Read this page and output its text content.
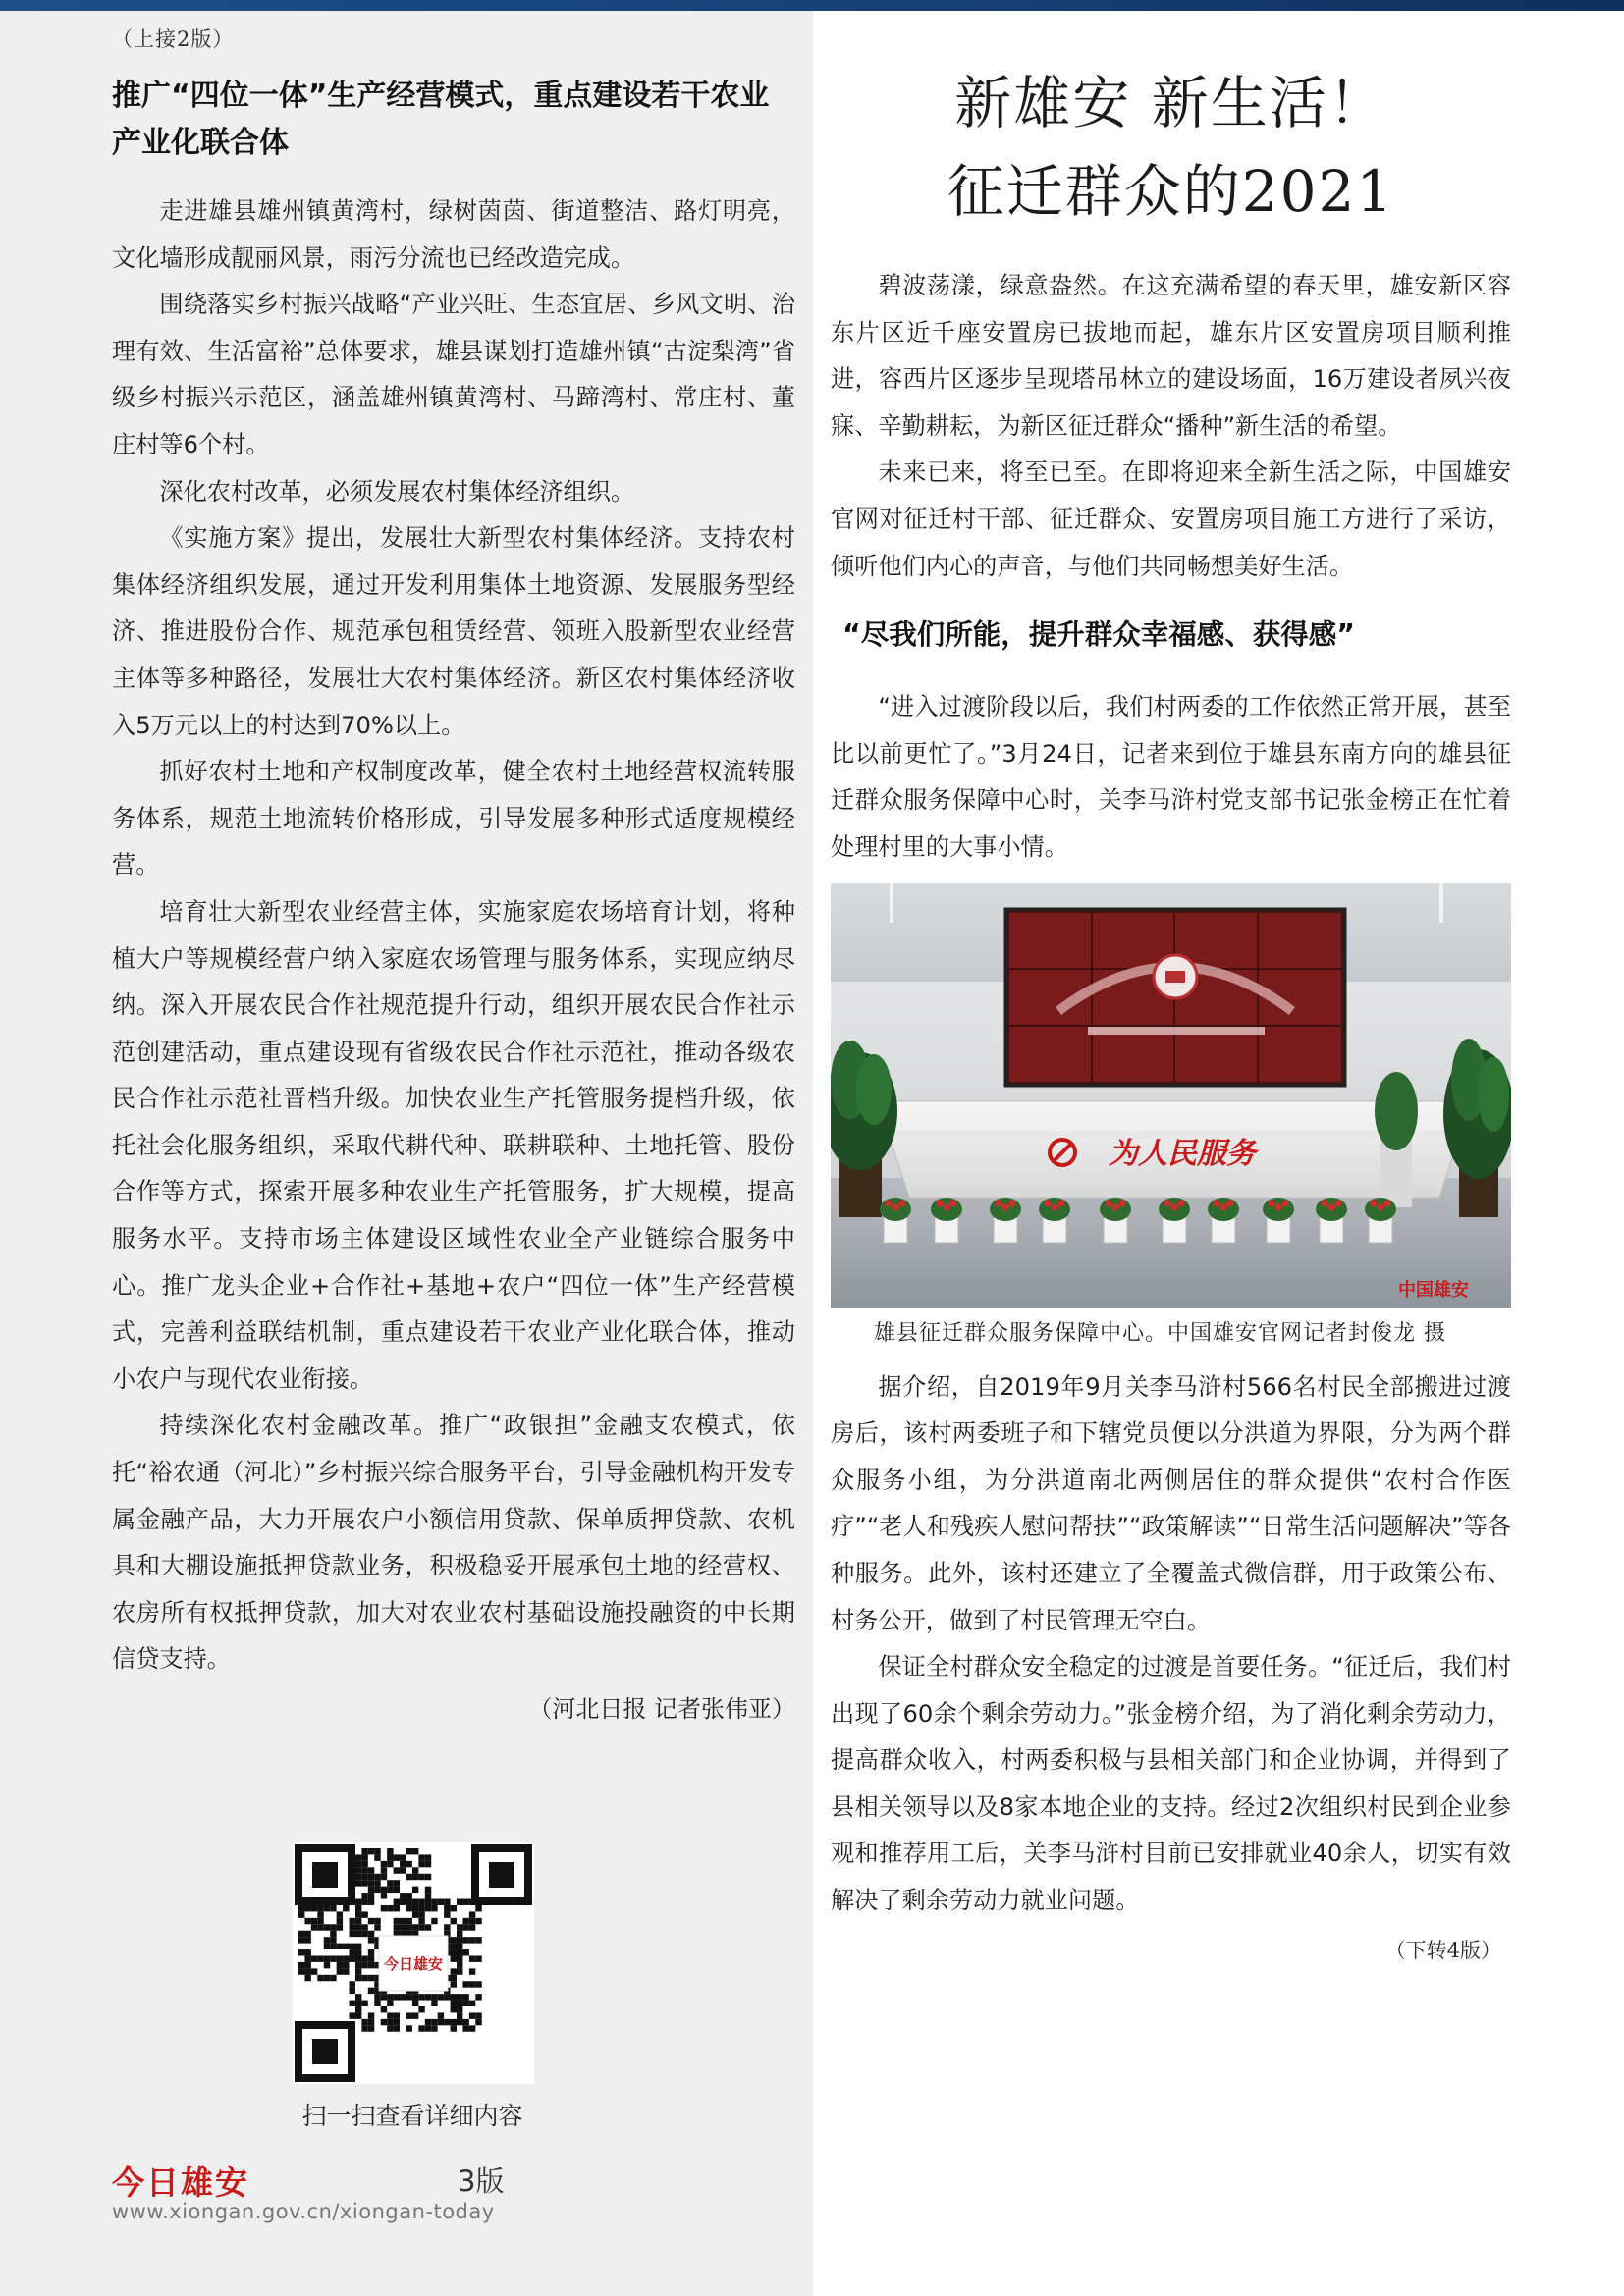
（上接2版）
推广“四位一体”生产经营模式，重点建设若干农业产业化联合体

走进雄县雄州镇黄湾村，绿树茵茵、街道整洁、路灯明亮，文化墙形成靓丽风景，雨污分流也已经改造完成。

围绕落实乡村振兴战略“产业兴旺、生态宜居、乡风文明、治理有效、生活富裕”总体要求，雄县谋划打造雄州镇“古淀梨湾”省级乡村振兴示范区，涵盖雄州镇黄湾村、马蹄湾村、常庄村、董庄村等6个村。

深化农村改革，必须发展农村集体经济组织。

《实施方案》提出，发展壮大新型农村集体经济。支持农村集体经济组织发展，通过开发利用集体土地资源、发展服务型经济、推进股份合作、规范承包租赁经营、领班入股新型农业经营主体等多种路径，发展壮大农村集体经济。新区农村集体经济收入5万元以上的村达到70%以上。

抓好农村土地和产权制度改革，健全农村土地经营权流转服务体系，规范土地流转价格形成，引导发展多种形式适度规模经营。

培育壮大新型农业经营主体，实施家庭农场培育计划，将种植大户等规模经营户纳入家庭农场管理与服务体系，实现应纳尽纳。深入开展农民合作社规范提升行动，组织开展农民合作社示范创建活动，重点建设现有省级农民合作社示范社，推动各级农民合作社示范社晋档升级。加快农业生产托管服务提档升级，依托社会化服务组织，采取代耕代种、联耕联种、土地托管、股份合作等方式，探索开展多种农业生产托管服务，扩大规模，提高服务水平。支持市场主体建设区域性农业全产业链综合服务中心。推广龙头企业+合作社+基地+农户“四位一体”生产经营模式，完善利益联结机制，重点建设若干农业产业化联合体，推动小农户与现代农业衔接。

持续深化农村金融改革。推广“政银担”金融支农模式，依托“裕农通（河北）”乡村振兴综合服务平台，引导金融机构开发专属金融产品，大力开展农户小额信用贷款、保单质押贷款、农机具和大棚设施抵押贷款业务，积极稳妥开展承包土地的经营权、农房所有权抵押贷款，加大对农业农村基础设施投融资的中长期信贷支持。

（河北日报 记者张伟亚）
今日雄安
扫一扫查看详细内容
今日雄安	3版
www.xiongan.gov.cn/xiongan-today
新雄安 新生活！
征迁群众的2021

碧波荡漾，绿意盎然。在这充满希望的春天里，雄安新区容东片区近千座安置房已拔地而起，雄东片区安置房项目顺利推进，容西片区逐步呈现塔吊林立的建设场面，16万建设者夙兴夜寐、辛勤耕耘，为新区征迁群众“播种”新生活的希望。

未来已来，将至已至。在即将迎来全新生活之际，中国雄安官网对征迁村干部、征迁群众、安置房项目施工方进行了采访，倾听他们内心的声音，与他们共同畅想美好生活。

“尽我们所能，提升群众幸福感、获得感”

“进入过渡阶段以后，我们村两委的工作依然正常开展，甚至比以前更忙了。”3月24日，记者来到位于雄县东南方向的雄县征迁群众服务保障中心时，关李马浒村党支部书记张金榜正在忙着处理村里的大事小情。

为人民服务
中国雄安
雄县征迁群众服务保障中心。中国雄安官网记者封俊龙 摄

据介绍，自2019年9月关李马浒村566名村民全部搬进过渡房后，该村两委班子和下辖党员便以分洪道为界限，分为两个群众服务小组，为分洪道南北两侧居住的群众提供“农村合作医疗”“老人和残疾人慰问帮扶”“政策解读”“日常生活问题解决”等各种服务。此外，该村还建立了全覆盖式微信群，用于政策公布、村务公开，做到了村民管理无空白。

保证全村群众安全稳定的过渡是首要任务。“征迁后，我们村出现了60余个剩余劳动力。”张金榜介绍，为了消化剩余劳动力，提高群众收入，村两委积极与县相关部门和企业协调，并得到了县相关领导以及8家本地企业的支持。经过2次组织村民到企业参观和推荐用工后，关李马浒村目前已安排就业40余人，切实有效解决了剩余劳动力就业问题。

（下转4版）
